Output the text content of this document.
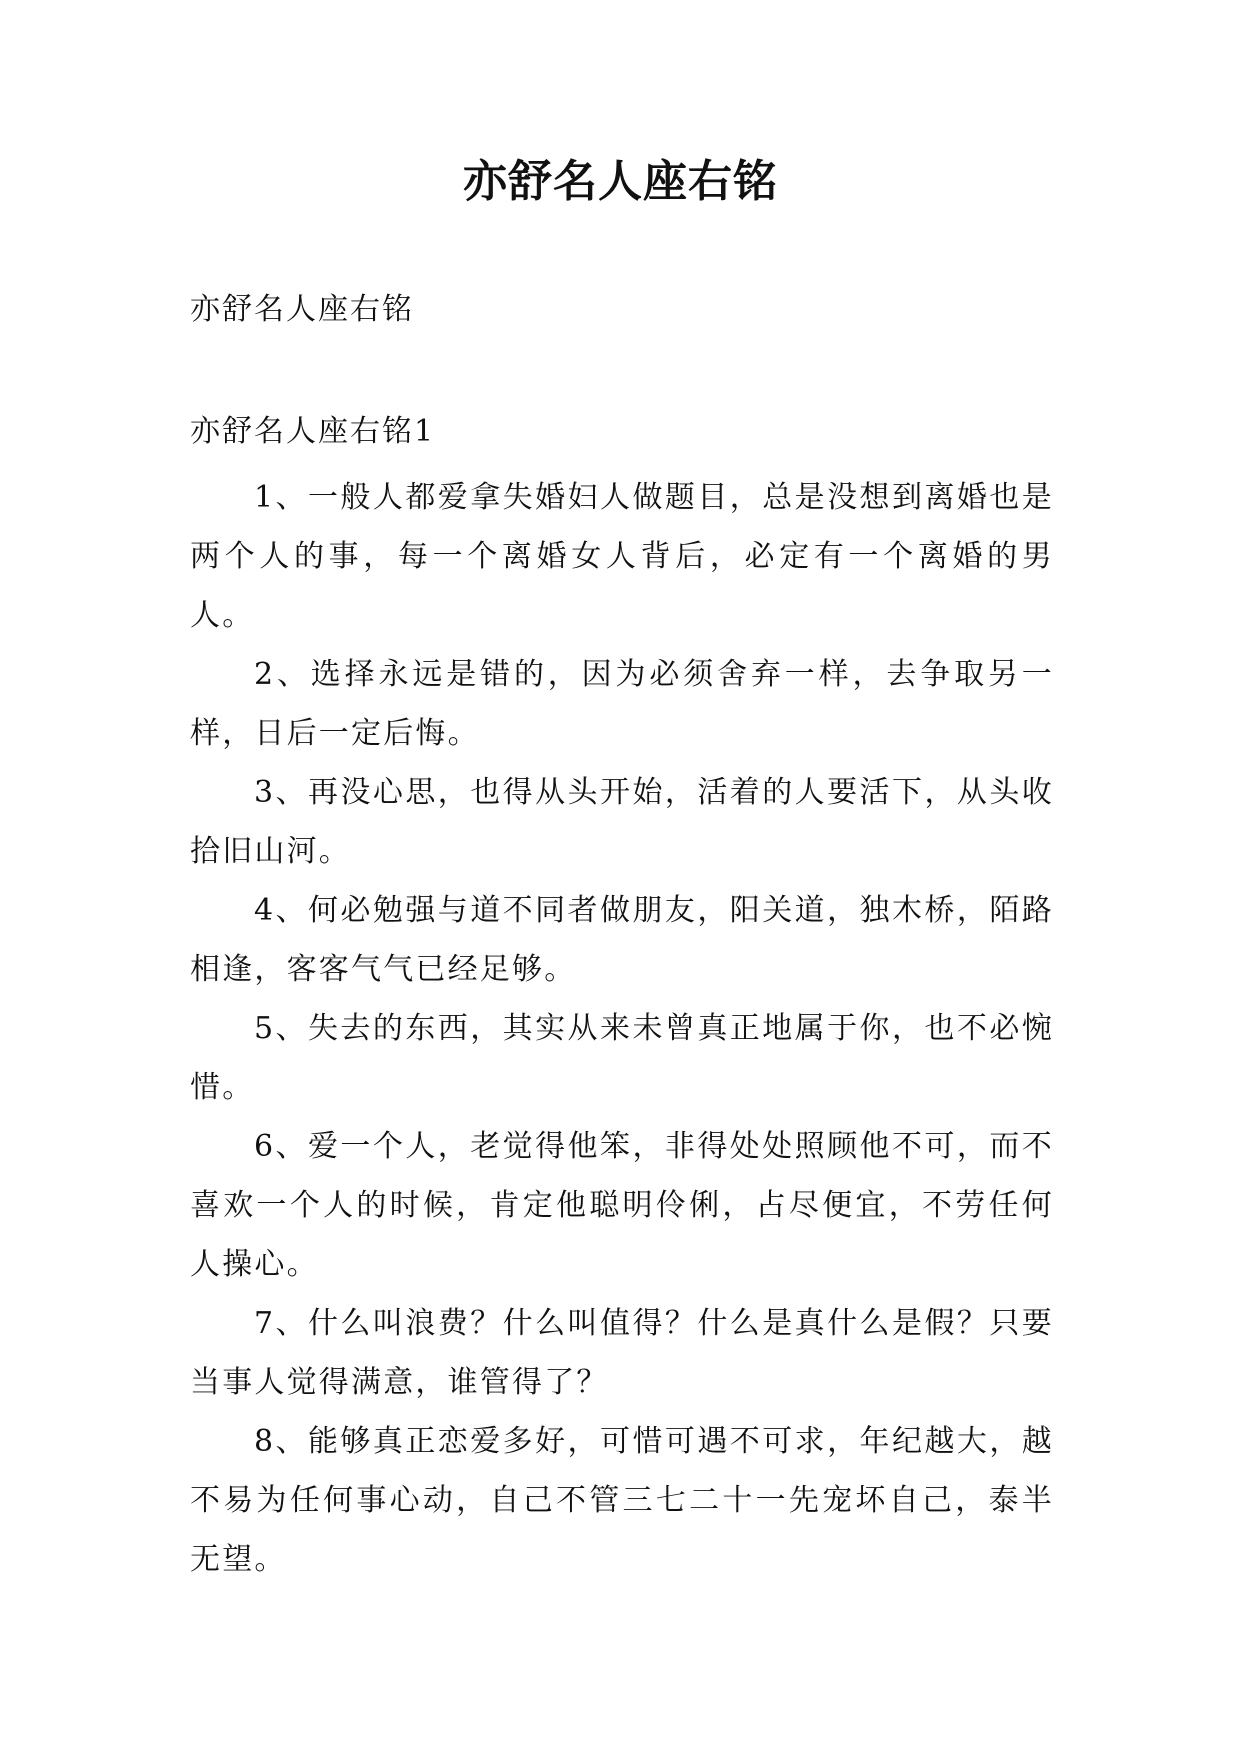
亦舒名人座右铭

亦舒名人座右铭

亦舒名人座右铭1

1、一般人都爱拿失婚妇人做题目，总是没想到离婚也是两个人的事，每一个离婚女人背后，必定有一个离婚的男人。

2、选择永远是错的，因为必须舍弃一样，去争取另一样，日后一定后悔。

3、再没心思，也得从头开始，活着的人要活下，从头收拾旧山河。

4、何必勉强与道不同者做朋友，阳关道，独木桥，陌路相逢，客客气气已经足够。

5、失去的东西，其实从来未曾真正地属于你，也不必惋惜。

6、爱一个人，老觉得他笨，非得处处照顾他不可，而不喜欢一个人的时候，肯定他聪明伶俐，占尽便宜，不劳任何人操心。

7、什么叫浪费？什么叫值得？什么是真什么是假？只要当事人觉得满意，谁管得了？

8、能够真正恋爱多好，可惜可遇不可求，年纪越大，越不易为任何事心动，自己不管三七二十一先宠坏自己，泰半无望。
